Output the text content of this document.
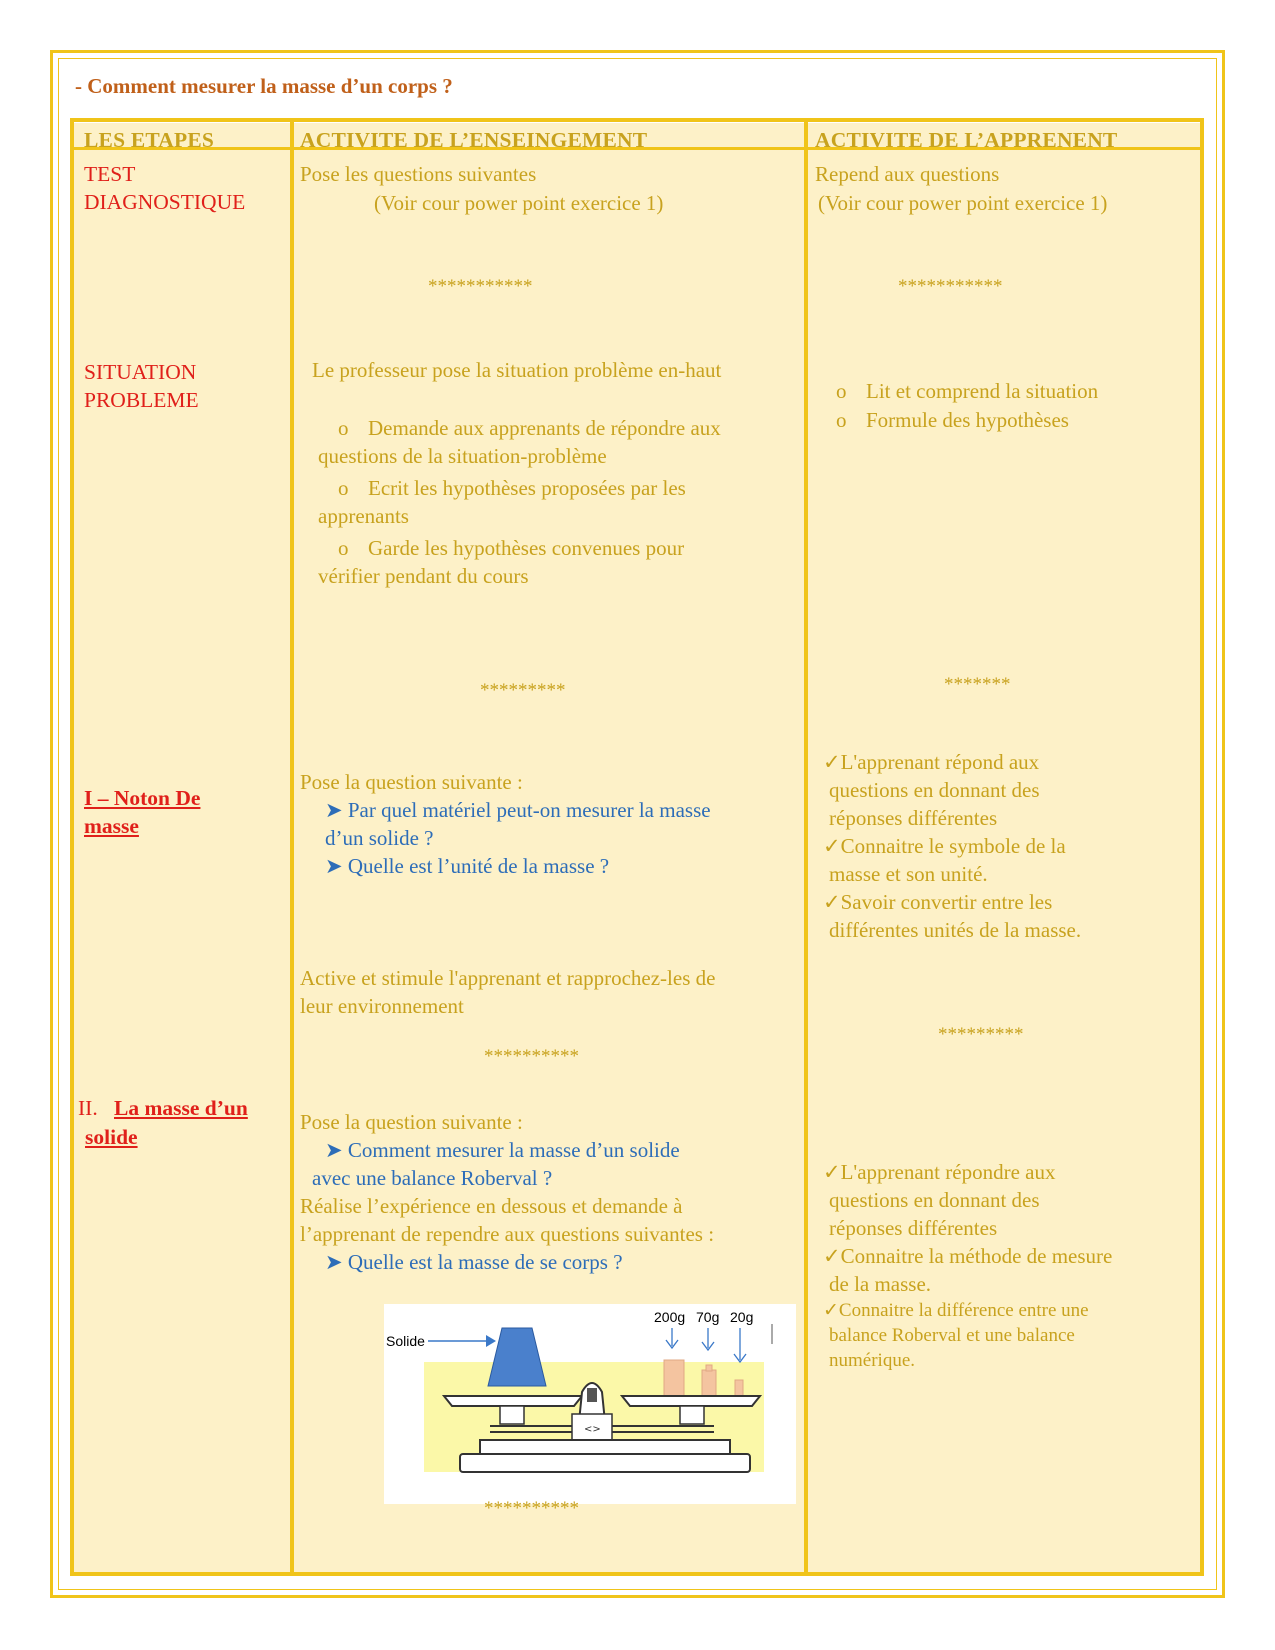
- Comment mesurer la masse d’un corps ?
LES ETAPES	ACTIVITE DE L’ENSEINGEMENT	ACTIVITE DE L’APPRENENT
TEST
DIAGNOSTIQUE
SITUATION
PROBLEME
I – Noton De
masse
II. La masse d’un
solide
Pose les questions suivantes
(Voir cour power point exercice 1)
***********
Le professeur pose la situation problème en-haut
o Demande aux apprenants de répondre aux
questions de la situation-problème
o Ecrit les hypothèses proposées par les
apprenants
o Garde les hypothèses convenues pour
vérifier pendant du cours
*********
Pose la question suivante :
➤ Par quel matériel peut-on mesurer la masse
d’un solide ?
➤ Quelle est l’unité de la masse ?
Active et stimule l'apprenant et rapprochez-les de
leur environnement
**********
Pose la question suivante :
➤ Comment mesurer la masse d’un solide
avec une balance Roberval ?
Réalise l’expérience en dessous et demande à
l’apprenant de rependre aux questions suivantes :
➤ Quelle est la masse de se corps ?
Solide
200g 70g 20g
<>
**********
Repend aux questions
(Voir cour power point exercice 1)
***********
o Lit et comprend la situation
o Formule des hypothèses
*******
✓L'apprenant répond aux
questions en donnant des
réponses différentes
✓Connaitre le symbole de la
masse et son unité.
✓Savoir convertir entre les
différentes unités de la masse.
*********
✓L'apprenant répondre aux
questions en donnant des
réponses différentes
✓Connaitre la méthode de mesure
de la masse.
✓Connaitre la différence entre une
balance Roberval et une balance
numérique.
